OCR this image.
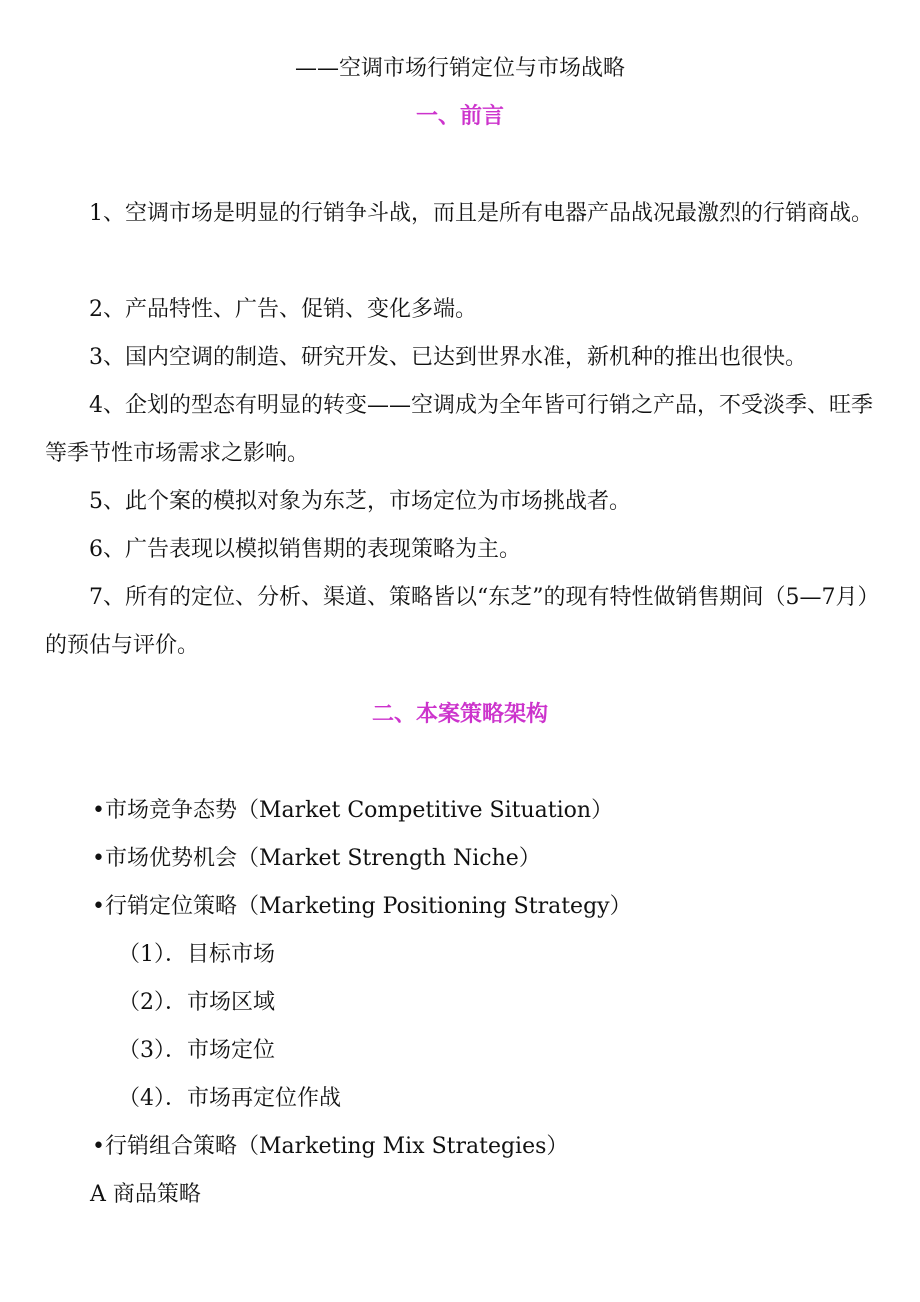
——空调市场行销定位与市场战略
一、前言

1、空调市场是明显的行销争斗战，而且是所有电器产品战况最激烈的行销商战。

2、产品特性、广告、促销、变化多端。

3、国内空调的制造、研究开发、已达到世界水准，新机种的推出也很快。

4、企划的型态有明显的转变——空调成为全年皆可行销之产品，不受淡季、旺季等季节性市场需求之影响。

5、此个案的模拟对象为东芝，市场定位为市场挑战者。

6、广告表现以模拟销售期的表现策略为主。

7、所有的定位、分析、渠道、策略皆以“东芝”的现有特性做销售期间（5—7月）的预估与评价。

二、本案策略架构
•市场竞争态势（Market Competitive Situation）
•市场优势机会（Market Strength Niche）
•行销定位策略（Marketing Positioning Strategy）
（1）．目标市场
（2）．市场区域
（3）．市场定位
（4）．市场再定位作战
•行销组合策略（Marketing Mix Strategies）
A 商品策略
